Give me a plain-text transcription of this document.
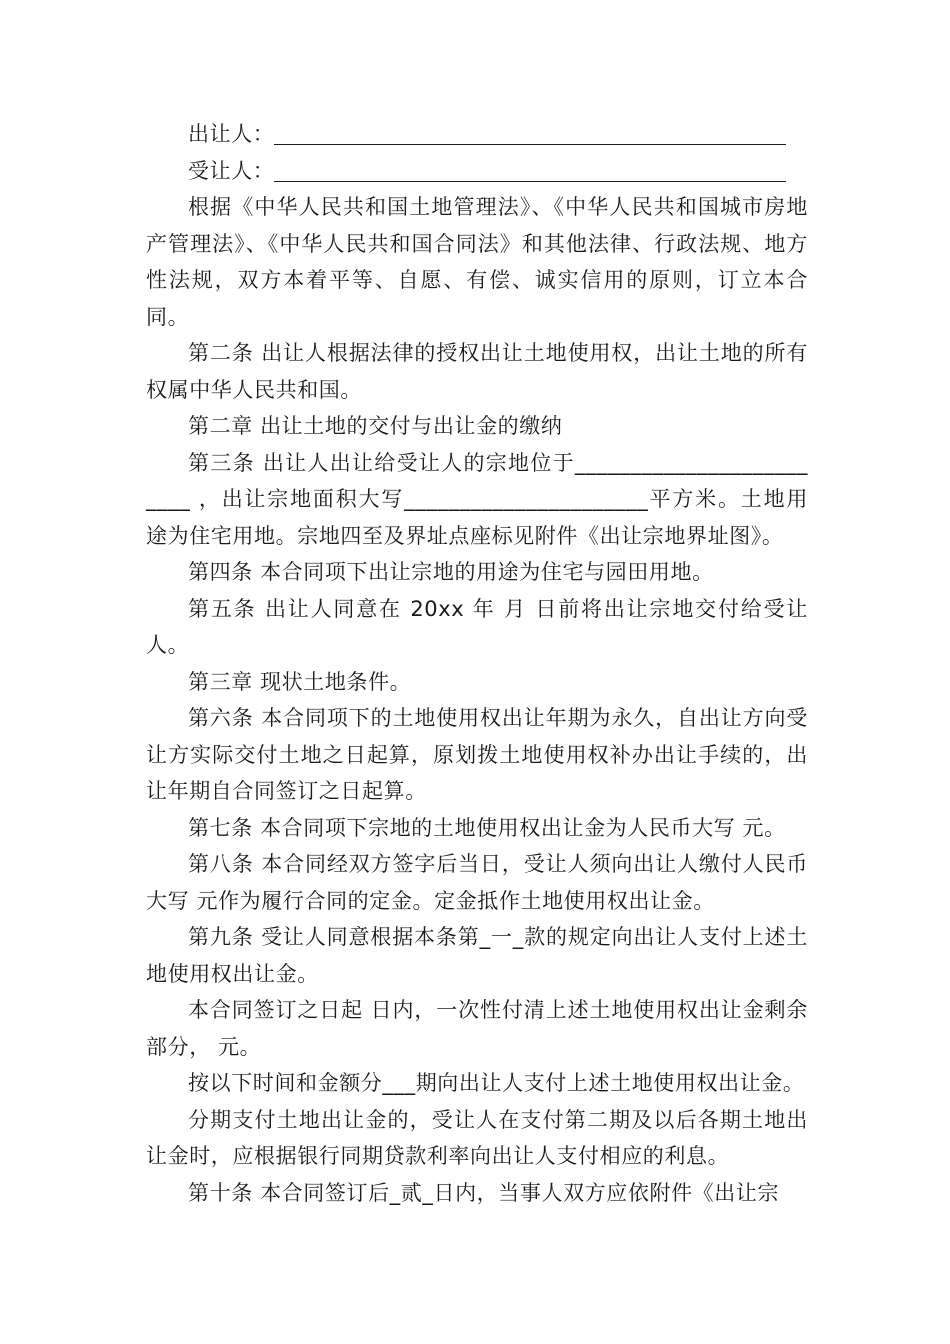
出让人：

受让人：

根据《中华人民共和国土地管理法》、《中华人民共和国城市房地产管理法》、《中华人民共和国合同法》和其他法律、行政法规、地方性法规，双方本着平等、自愿、有偿、诚实信用的原则，订立本合同。

第二条 出让人根据法律的授权出让土地使用权，出让土地的所有权属中华人民共和国。

第二章 出让土地的交付与出让金的缴纳

第三条 出让人出让给受让人的宗地位于_____________________ ____ ，出让宗地面积大写______________________平方米。土地用途为住宅用地。宗地四至及界址点座标见附件《出让宗地界址图》。

第四条 本合同项下出让宗地的用途为住宅与园田用地。

第五条 出让人同意在 20xx 年 月 日前将出让宗地交付给受让人。

第三章 现状土地条件。

第六条 本合同项下的土地使用权出让年期为永久，自出让方向受让方实际交付土地之日起算，原划拨土地使用权补办出让手续的，出让年期自合同签订之日起算。

第七条 本合同项下宗地的土地使用权出让金为人民币大写 元。

第八条 本合同经双方签字后当日，受让人须向出让人缴付人民币大写 元作为履行合同的定金。定金抵作土地使用权出让金。

第九条 受让人同意根据本条第_一_款的规定向出让人支付上述土地使用权出让金。

本合同签订之日起 日内，一次性付清上述土地使用权出让金剩余部分， 元。

按以下时间和金额分___期向出让人支付上述土地使用权出让金。

分期支付土地出让金的，受让人在支付第二期及以后各期土地出让金时，应根据银行同期贷款利率向出让人支付相应的利息。

第十条 本合同签订后_贰_日内，当事人双方应依附件《出让宗
